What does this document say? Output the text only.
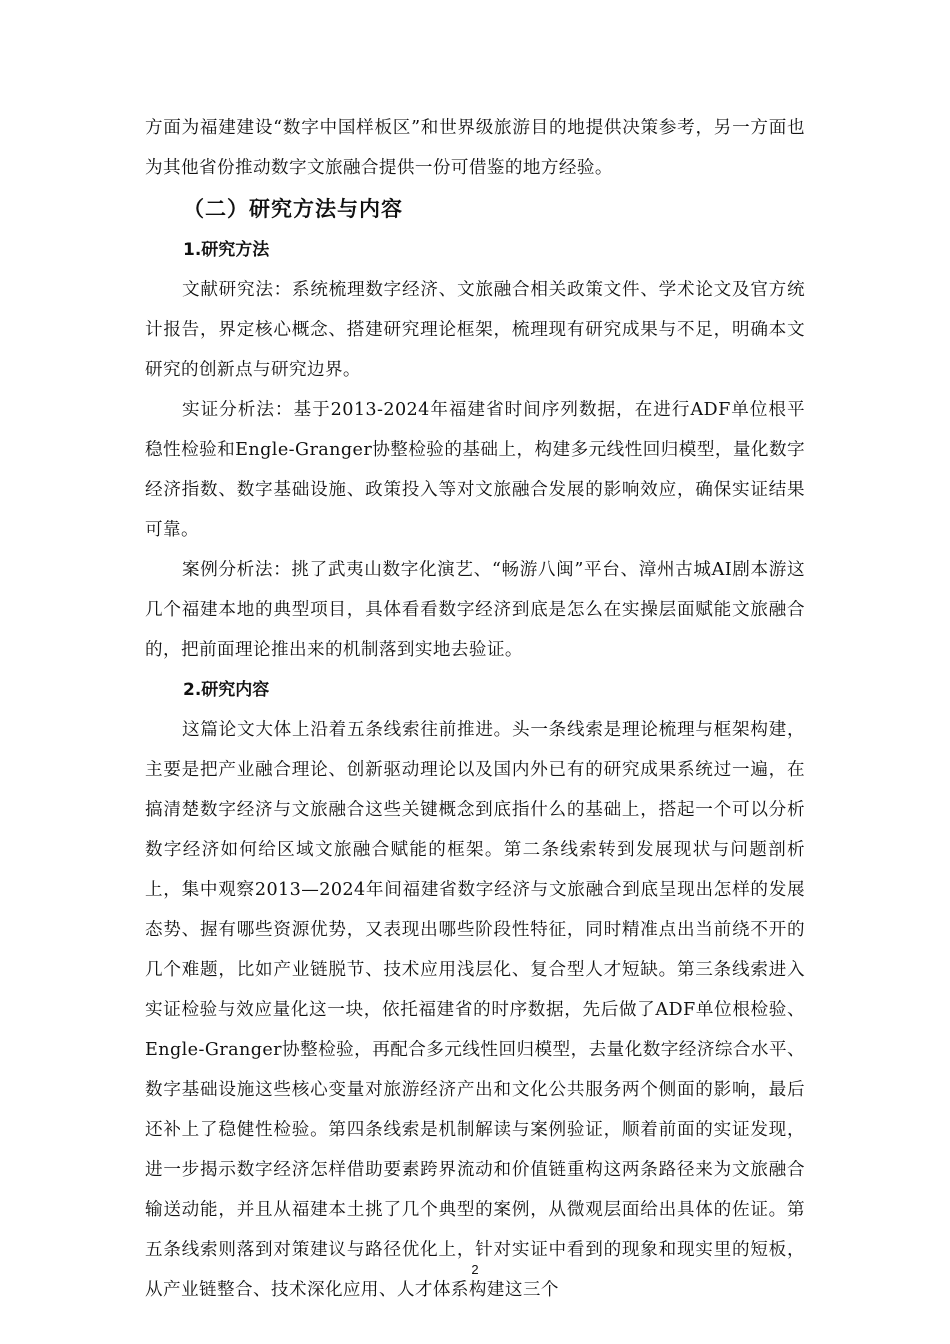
方面为福建建设“数字中国样板区”和世界级旅游目的地提供决策参考，另一方面也为其他省份推动数字文旅融合提供一份可借鉴的地方经验。

（二）研究方法与内容
1.研究方法

文献研究法：系统梳理数字经济、文旅融合相关政策文件、学术论文及官方统计报告，界定核心概念、搭建研究理论框架，梳理现有研究成果与不足，明确本文研究的创新点与研究边界。

实证分析法：基于2013-2024年福建省时间序列数据，在进行ADF单位根平稳性检验和Engle-Granger协整检验的基础上，构建多元线性回归模型，量化数字经济指数、数字基础设施、政策投入等对文旅融合发展的影响效应，确保实证结果可靠。

案例分析法：挑了武夷山数字化演艺、“畅游八闽”平台、漳州古城AI剧本游这几个福建本地的典型项目，具体看看数字经济到底是怎么在实操层面赋能文旅融合的，把前面理论推出来的机制落到实地去验证。

2.研究内容

这篇论文大体上沿着五条线索往前推进。头一条线索是理论梳理与框架构建，主要是把产业融合理论、创新驱动理论以及国内外已有的研究成果系统过一遍，在搞清楚数字经济与文旅融合这些关键概念到底指什么的基础上，搭起一个可以分析数字经济如何给区域文旅融合赋能的框架。第二条线索转到发展现状与问题剖析上，集中观察2013—2024年间福建省数字经济与文旅融合到底呈现出怎样的发展态势、握有哪些资源优势，又表现出哪些阶段性特征，同时精准点出当前绕不开的几个难题，比如产业链脱节、技术应用浅层化、复合型人才短缺。第三条线索进入实证检验与效应量化这一块，依托福建省的时序数据，先后做了ADF单位根检验、Engle-Granger协整检验，再配合多元线性回归模型，去量化数字经济综合水平、数字基础设施这些核心变量对旅游经济产出和文化公共服务两个侧面的影响，最后还补上了稳健性检验。第四条线索是机制解读与案例验证，顺着前面的实证发现，进一步揭示数字经济怎样借助要素跨界流动和价值链重构这两条路径来为文旅融合输送动能，并且从福建本土挑了几个典型的案例，从微观层面给出具体的佐证。第五条线索则落到对策建议与路径优化上，针对实证中看到的现象和现实里的短板，从产业链整合、技术深化应用、人才体系构建这三个

2
